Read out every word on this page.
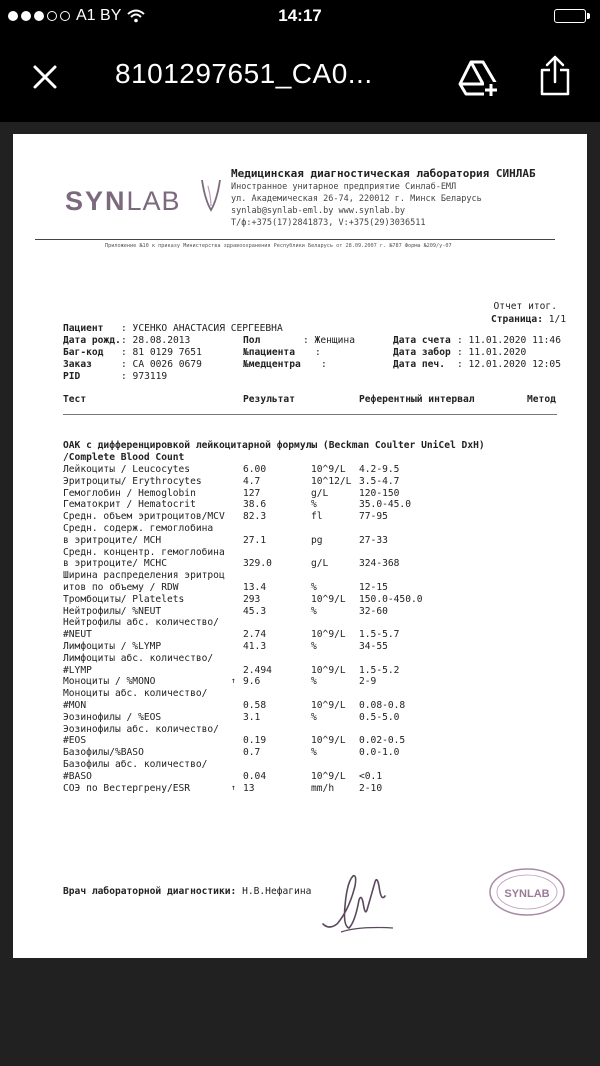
A1 BY	14:17
8101297651_CA0...
SYNLAB
Медицинская диагностическая лаборатория СИНЛАБ
Иностранное унитарное предприятие Синлаб-ЕМЛ
ул. Академическая 26-74, 220012 г. Минск Беларусь
synlab@synlab-eml.by www.synlab.by
Т/ф:+375(17)2841873, V:+375(29)3036511
Приложение №10 к приказу Министерства здравоохранения Республики Беларусь от 28.09.2007 г. №787 Форма №209/у-07
Отчет итог.
Страница: 1/1
Пациент : УСЕНКО АНАСТАСИЯ СЕРГЕЕВНА
Дата рожд. : 28.08.2013	Пол	: Женщина	Дата счета : 11.01.2020 11:46
Баг-код : 81 0129 7651	№пациента :	Дата забор : 11.01.2020
Заказ	: CA 0026 0679	№медцентра :	Дата печ. : 12.01.2020 12:05
PID	: 973119
Тест	Результат	Референтный интервал	Метод
ОАК с дифференцировкой лейкоцитарной формулы (Beckman Coulter UniCel DxH)
/Complete Blood Count
Лейкоциты / Leucocytes	6.00	10^9/L 4.2-9.5
Эритроциты/ Erythrocytes	4.7	10^12/L 3.5-4.7
Гемоглобин / Hemoglobin	127	g/L	120-150
Гематокрит / Hematocrit	38.6	%	35.0-45.0
Средн. объем эритроцитов/MCV 82.3	fl	77-95
Средн. содерж. гемоглобина
в эритроците/ MCH	27.1	pg	27-33
Средн. концентр. гемоглобина
в эритроците/ MCHC	329.0	g/L	324-368
Ширина распределения эритроц
итов по объему / RDW	13.4	%	12-15
Тромбоциты/ Platelets	293	10^9/L 150.0-450.0
Нейтрофилы/ %NEUT	45.3	%	32-60
Нейтрофилы абс. количество/
#NEUT	2.74	10^9/L 1.5-5.7
Лимфоциты / %LYMP	41.3	%	34-55
Лимфоциты абс. количество/
#LYMP	2.494	10^9/L 1.5-5.2
Моноциты / %MONO	9.6	%	2-9
↑
Моноциты абс. количество/
#MON	0.58	10^9/L 0.08-0.8
Эозинофилы / %EOS	3.1	%	0.5-5.0
Эозинофилы абс. количество/
#EOS	0.19	10^9/L 0.02-0.5
Базофилы/%BASO	0.7	%	0.0-1.0
Базофилы абс. количество/
#BASO	0.04	10^9/L <0.1
СОЭ по Вестергрену/ESR	13	mm/h	2-10
↑
Врач лабораторной диагностики: Н.В.Нефагина	SYNLAB
